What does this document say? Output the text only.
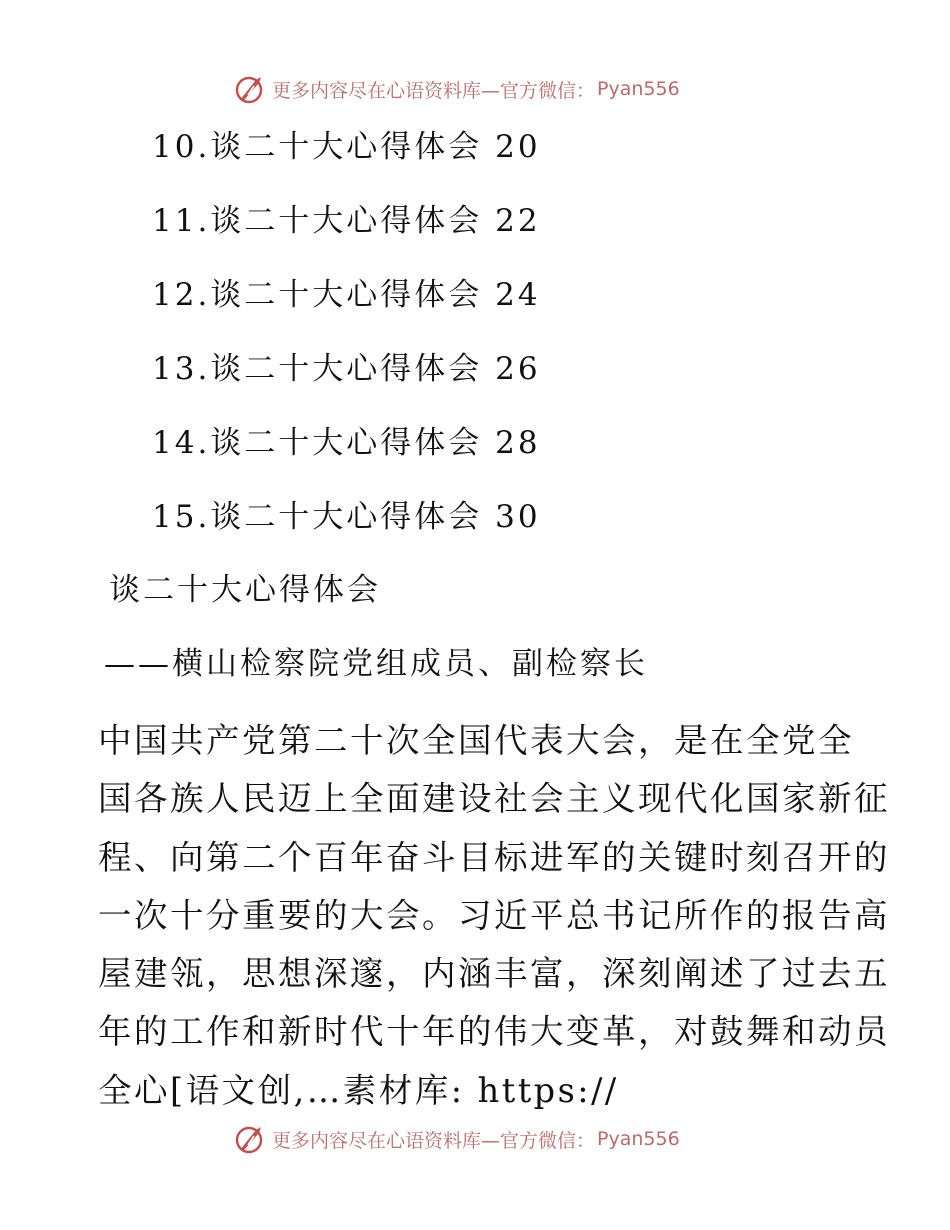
更多内容尽在心语资料库—官方微信： Pyan556
10.谈二十大心得体会 20
11.谈二十大心得体会 22
12.谈二十大心得体会 24
13.谈二十大心得体会 26
14.谈二十大心得体会 28
15.谈二十大心得体会 30
谈二十大心得体会
——横山检察院党组成员、副检察长

中国共产党第二十次全国代表大会，是在全党全
国各族人民迈上全面建设社会主义现代化国家新征
程、向第二个百年奋斗目标进军的关键时刻召开的
一次十分重要的大会。习近平总书记所作的报告高
屋建瓴，思想深邃，内涵丰富，深刻阐述了过去五
年的工作和新时代十年的伟大变革，对鼓舞和动员
全心[语文创,…素材库: https://

更多内容尽在心语资料库—官方微信： Pyan556
